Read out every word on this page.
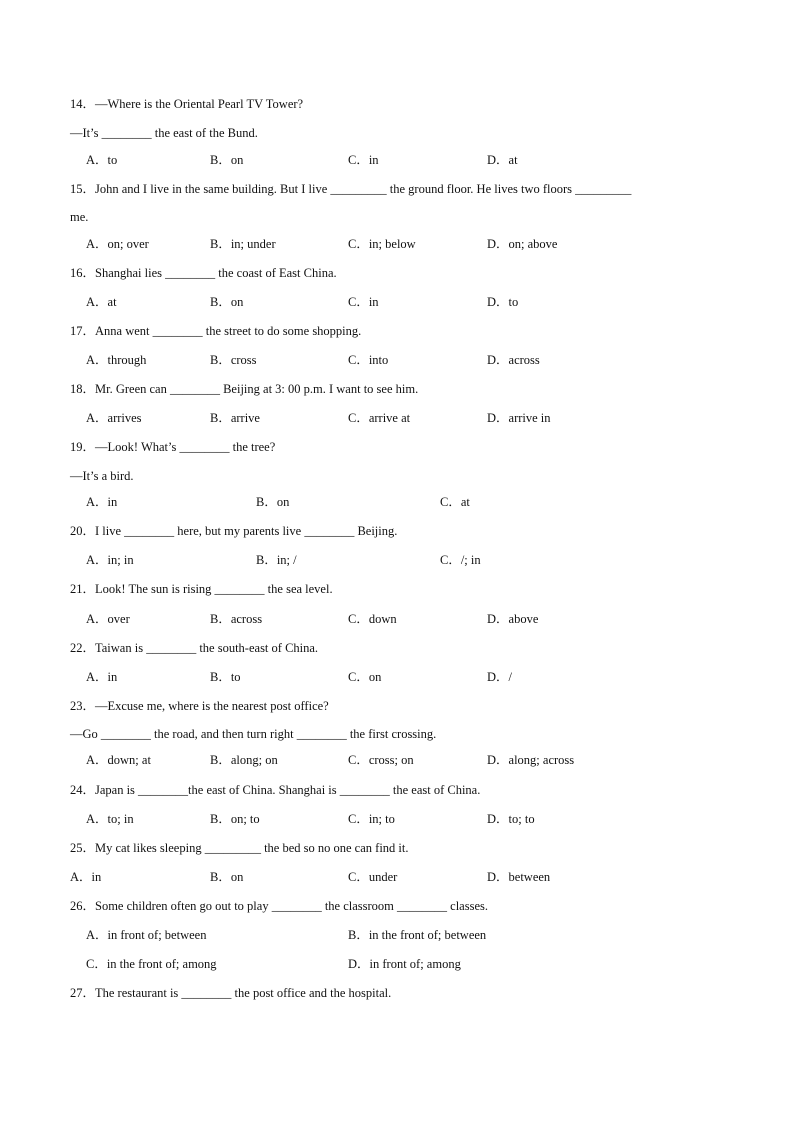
14．—Where is the Oriental Pearl TV Tower?
—It’s ________ the east of the Bund.
A．to	B．on	C．in	D．at
15．John and I live in the same building. But I live _________ the ground floor. He lives two floors _________
me.
A．on; over	B．in; under	C．in; below	D．on; above
16．Shanghai lies ________ the coast of East China.
A．at	B．on	C．in	D．to
17．Anna went ________ the street to do some shopping.
A．through	B．cross	C．into	D．across
18．Mr. Green can ________ Beijing at 3: 00 p.m. I want to see him.
A．arrives	B．arrive	C．arrive at	D．arrive in
19．—Look! What’s ________ the tree?
—It’s a bird.
A．in	B．on	C．at
20．I live ________ here, but my parents live ________ Beijing.
A．in; in	B．in; /	C．/; in
21．Look! The sun is rising ________ the sea level.
A．over	B．across	C．down	D．above
22．Taiwan is ________ the south-east of China.
A．in	B．to	C．on	D．/
23．—Excuse me, where is the nearest post office?
—Go ________ the road, and then turn right ________ the first crossing.
A．down; at	B．along; on	C．cross; on	D．along; across
24．Japan is ________the east of China. Shanghai is ________ the east of China.
A．to; in	B．on; to	C．in; to	D．to; to
25．My cat likes sleeping _________ the bed so no one can find it.
A．in	B．on	C．under	D．between
26．Some children often go out to play ________ the classroom ________ classes.
A．in front of; between	B．in the front of; between
C．in the front of; among	D．in front of; among
27．The restaurant is ________ the post office and the hospital.
